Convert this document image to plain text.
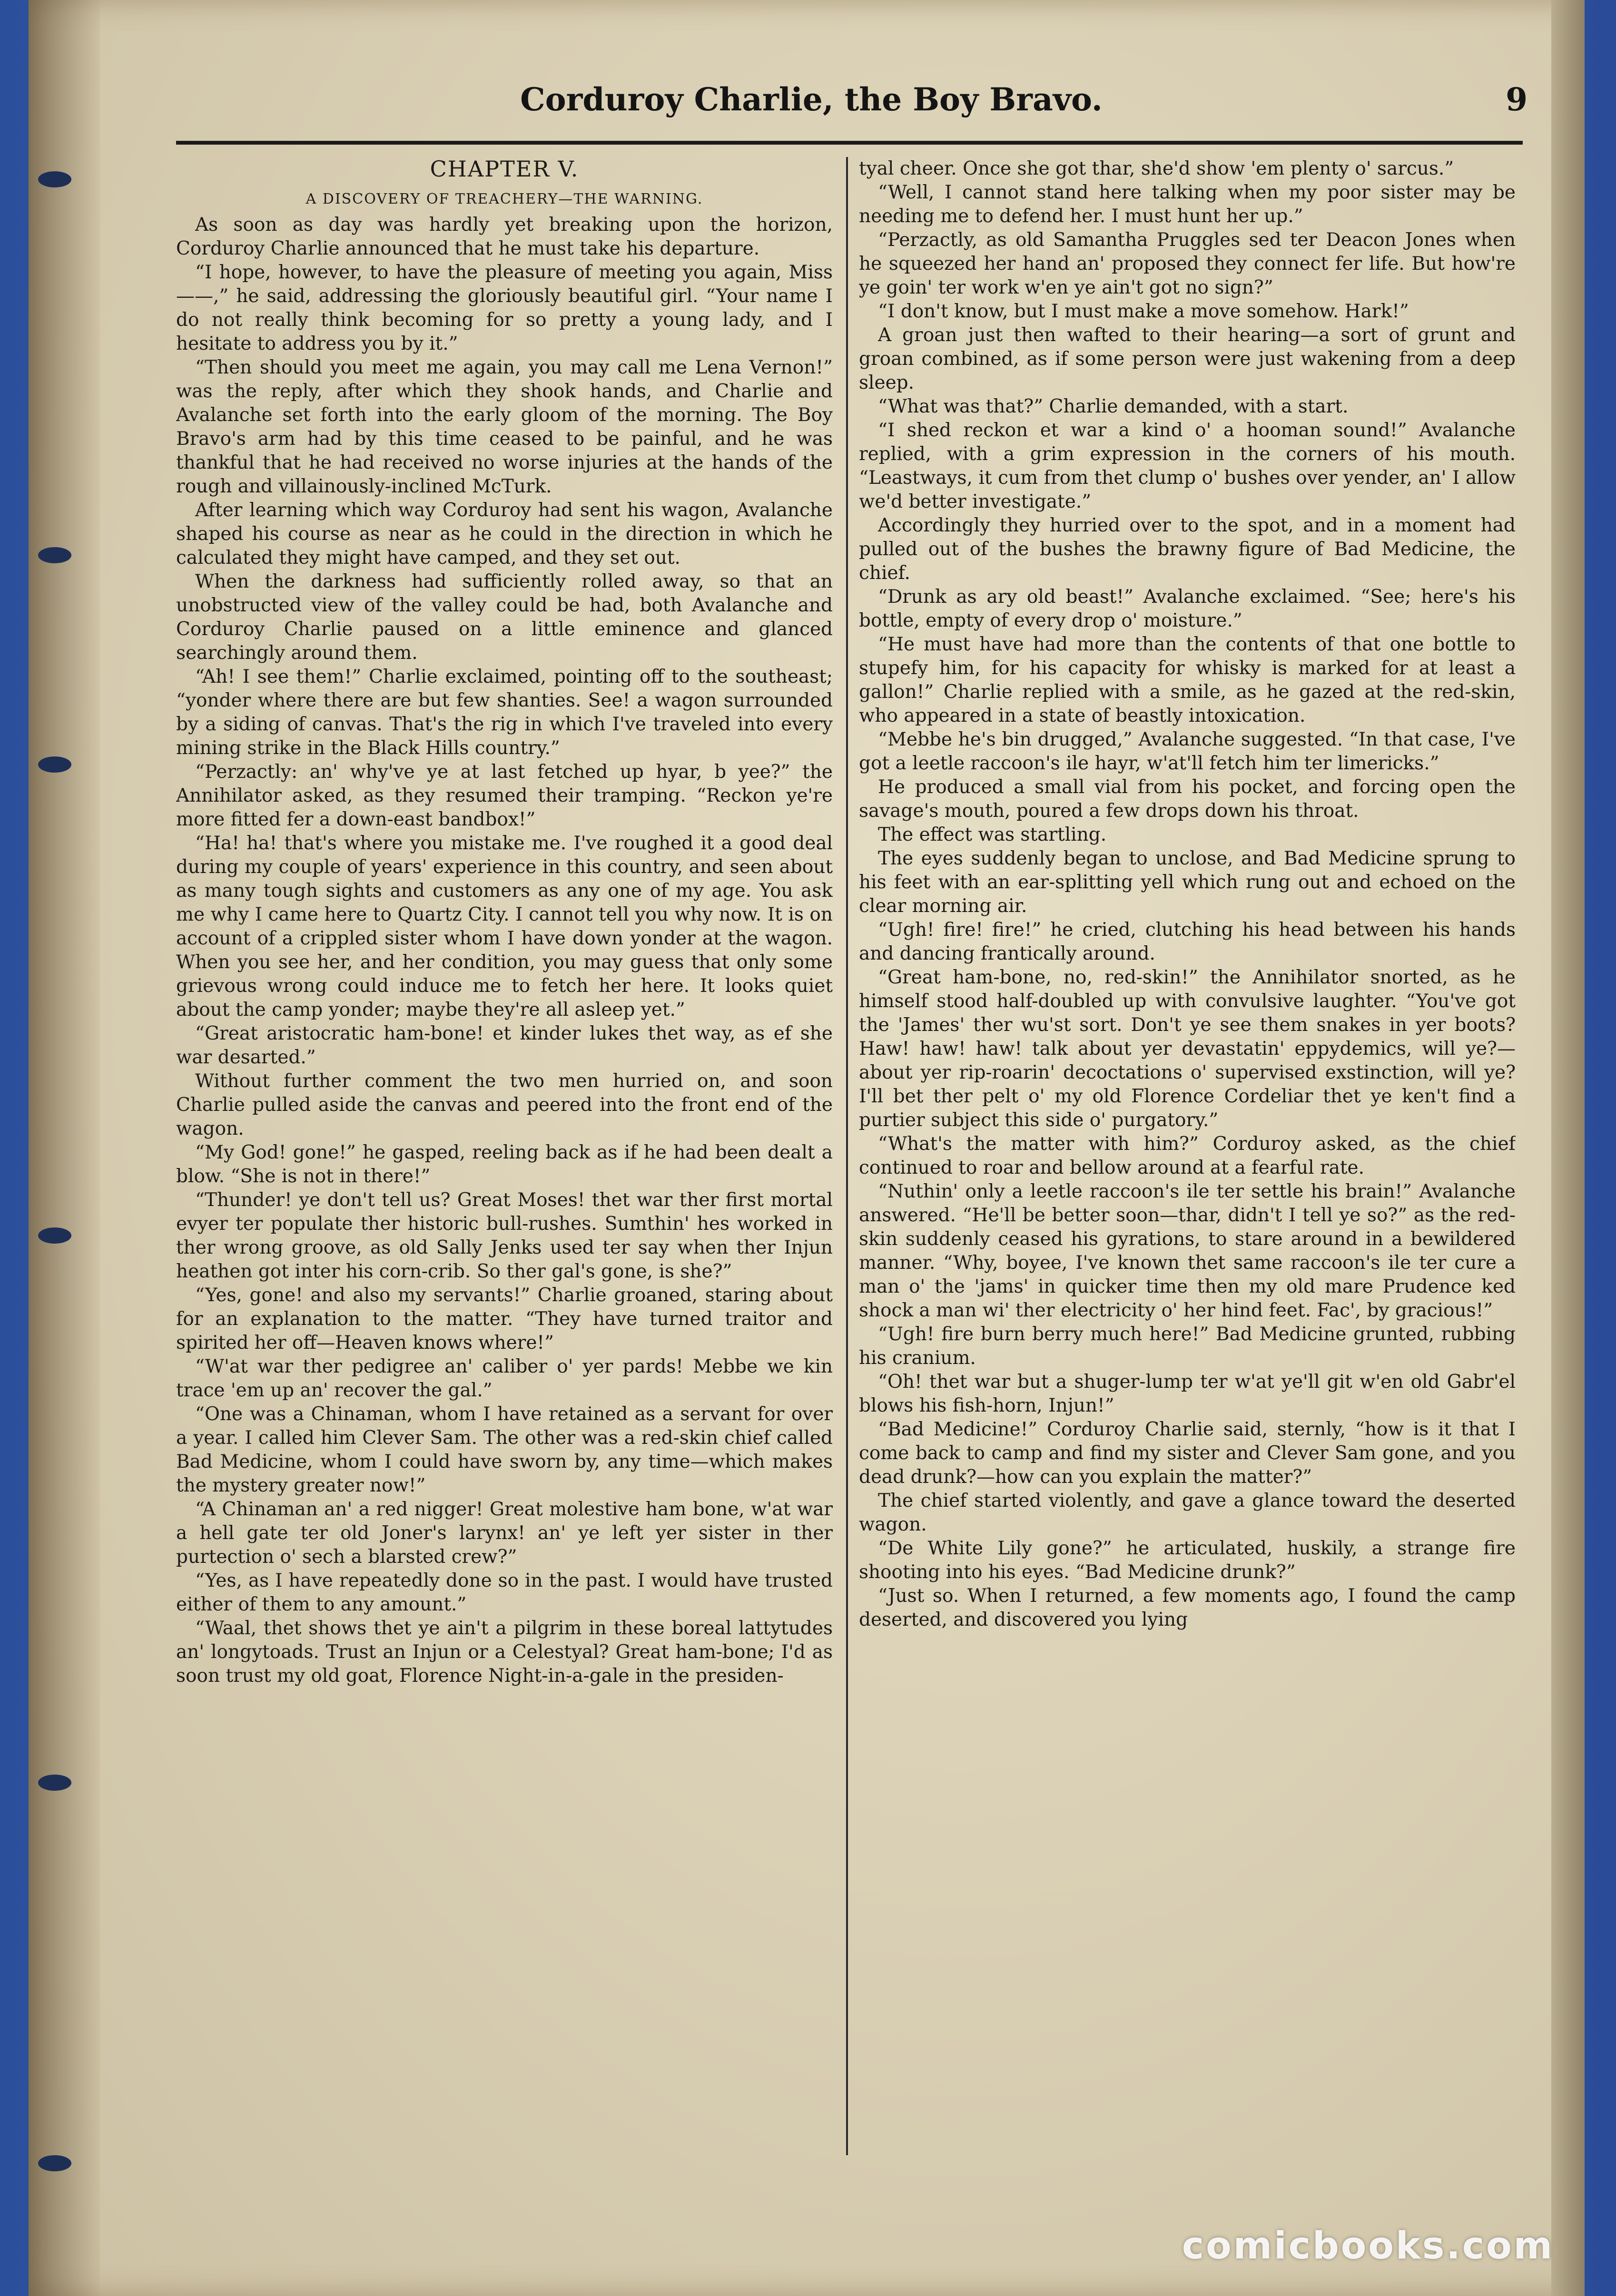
Corduroy Charlie, the Boy Bravo.	9

CHAPTER V.

A DISCOVERY OF TREACHERY—THE WARNING.

As soon as day was hardly yet breaking upon the horizon, Corduroy Charlie announced that he must take his departure.

“I hope, however, to have the pleasure of meeting you again, Miss ——,” he said, addressing the gloriously beautiful girl. “Your name I do not really think becoming for so pretty a young lady, and I hesitate to address you by it.”

“Then should you meet me again, you may call me Lena Vernon!” was the reply, after which they shook hands, and Charlie and Avalanche set forth into the early gloom of the morning. The Boy Bravo's arm had by this time ceased to be painful, and he was thankful that he had received no worse injuries at the hands of the rough and villainously-inclined McTurk.

After learning which way Corduroy had sent his wagon, Avalanche shaped his course as near as he could in the direction in which he calculated they might have camped, and they set out.

When the darkness had sufficiently rolled away, so that an unobstructed view of the valley could be had, both Avalanche and Corduroy Charlie paused on a little eminence and glanced searchingly around them.

“Ah! I see them!” Charlie exclaimed, pointing off to the southeast; “yonder where there are but few shanties. See! a wagon surrounded by a siding of canvas. That's the rig in which I've traveled into every mining strike in the Black Hills country.”

“Perzactly: an' why've ye at last fetched up hyar, b yee?” the Annihilator asked, as they resumed their tramping. “Reckon ye're more fitted fer a down-east bandbox!”

“Ha! ha! that's where you mistake me. I've roughed it a good deal during my couple of years' experience in this country, and seen about as many tough sights and customers as any one of my age. You ask me why I came here to Quartz City. I cannot tell you why now. It is on account of a crippled sister whom I have down yonder at the wagon. When you see her, and her condition, you may guess that only some grievous wrong could induce me to fetch her here. It looks quiet about the camp yonder; maybe they're all asleep yet.”

“Great aristocratic ham-bone! et kinder lukes thet way, as ef she war desarted.”

Without further comment the two men hurried on, and soon Charlie pulled aside the canvas and peered into the front end of the wagon.

“My God! gone!” he gasped, reeling back as if he had been dealt a blow. “She is not in there!”

“Thunder! ye don't tell us? Great Moses! thet war ther first mortal evyer ter populate ther historic bull-rushes. Sumthin' hes worked in ther wrong groove, as old Sally Jenks used ter say when ther Injun heathen got inter his corn-crib. So ther gal's gone, is she?”

“Yes, gone! and also my servants!” Charlie groaned, staring about for an explanation to the matter. “They have turned traitor and spirited her off—Heaven knows where!”

“W'at war ther pedigree an' caliber o' yer pards! Mebbe we kin trace 'em up an' recover the gal.”

“One was a Chinaman, whom I have retained as a servant for over a year. I called him Clever Sam. The other was a red-skin chief called Bad Medicine, whom I could have sworn by, any time—which makes the mystery greater now!”

“A Chinaman an' a red nigger! Great molestive ham bone, w'at war a hell gate ter old Joner's larynx! an' ye left yer sister in ther purtection o' sech a blarsted crew?”

“Yes, as I have repeatedly done so in the past. I would have trusted either of them to any amount.”

“Waal, thet shows thet ye ain't a pilgrim in these boreal lattytudes an' longytoads. Trust an Injun or a Celestyal? Great ham-bone; I'd as soon trust my old goat, Florence Night-in-a-gale in the presiden-

tyal cheer. Once she got thar, she'd show 'em plenty o' sarcus.”

“Well, I cannot stand here talking when my poor sister may be needing me to defend her. I must hunt her up.”

“Perzactly, as old Samantha Pruggles sed ter Deacon Jones when he squeezed her hand an' proposed they connect fer life. But how're ye goin' ter work w'en ye ain't got no sign?”

“I don't know, but I must make a move somehow. Hark!”

A groan just then wafted to their hearing—a sort of grunt and groan combined, as if some person were just wakening from a deep sleep.

“What was that?” Charlie demanded, with a start.

“I shed reckon et war a kind o' a hooman sound!” Avalanche replied, with a grim expression in the corners of his mouth. “Leastways, it cum from thet clump o' bushes over yender, an' I allow we'd better investigate.”

Accordingly they hurried over to the spot, and in a moment had pulled out of the bushes the brawny figure of Bad Medicine, the chief.

“Drunk as ary old beast!” Avalanche exclaimed. “See; here's his bottle, empty of every drop o' moisture.”

“He must have had more than the contents of that one bottle to stupefy him, for his capacity for whisky is marked for at least a gallon!” Charlie replied with a smile, as he gazed at the red-skin, who appeared in a state of beastly intoxication.

“Mebbe he's bin drugged,” Avalanche suggested. “In that case, I've got a leetle raccoon's ile hayr, w'at'll fetch him ter limericks.”

He produced a small vial from his pocket, and forcing open the savage's mouth, poured a few drops down his throat.

The effect was startling.

The eyes suddenly began to unclose, and Bad Medicine sprung to his feet with an ear-splitting yell which rung out and echoed on the clear morning air.

“Ugh! fire! fire!” he cried, clutching his head between his hands and dancing frantically around.

“Great ham-bone, no, red-skin!” the Annihilator snorted, as he himself stood half-doubled up with convulsive laughter. “You've got the 'James' ther wu'st sort. Don't ye see them snakes in yer boots? Haw! haw! haw! talk about yer devastatin' eppydemics, will ye?—about yer rip-roarin' decoctations o' supervised exstinction, will ye? I'll bet ther pelt o' my old Florence Cordeliar thet ye ken't find a purtier subject this side o' purgatory.”

“What's the matter with him?” Corduroy asked, as the chief continued to roar and bellow around at a fearful rate.

“Nuthin' only a leetle raccoon's ile ter settle his brain!” Avalanche answered. “He'll be better soon—thar, didn't I tell ye so?” as the red-skin suddenly ceased his gyrations, to stare around in a bewildered manner. “Why, boyee, I've known thet same raccoon's ile ter cure a man o' the 'jams' in quicker time then my old mare Prudence ked shock a man wi' ther electricity o' her hind feet. Fac', by gracious!”

“Ugh! fire burn berry much here!” Bad Medicine grunted, rubbing his cranium.

“Oh! thet war but a shuger-lump ter w'at ye'll git w'en old Gabr'el blows his fish-horn, Injun!”

“Bad Medicine!” Corduroy Charlie said, sternly, “how is it that I come back to camp and find my sister and Clever Sam gone, and you dead drunk?—how can you explain the matter?”

The chief started violently, and gave a glance toward the deserted wagon.

“De White Lily gone?” he articulated, huskily, a strange fire shooting into his eyes. “Bad Medicine drunk?”

“Just so. When I returned, a few moments ago, I found the camp deserted, and discovered you lying

comicbooks.com
